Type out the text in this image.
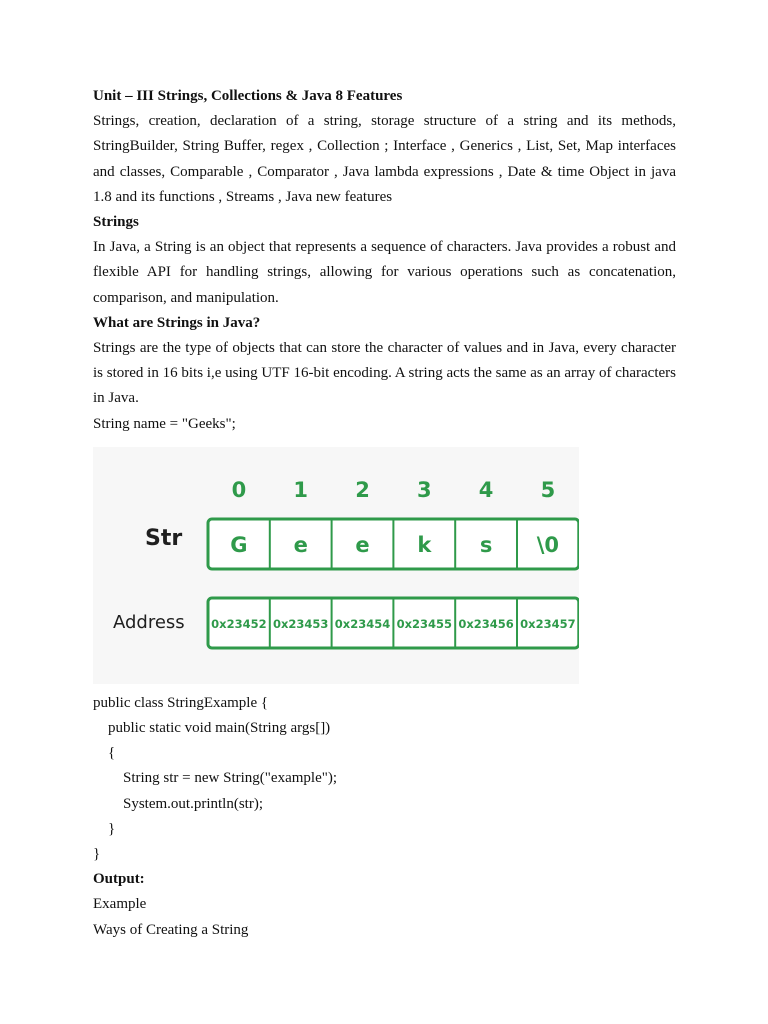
Unit – III Strings, Collections & Java 8 Features

Strings, creation, declaration of a string, storage structure of a string and its methods, StringBuilder, String Buffer, regex , Collection ; Interface , Generics , List, Set, Map interfaces and classes, Comparable , Comparator , Java lambda expressions , Date & time Object in java 1.8 and its functions , Streams , Java new features

Strings

In Java, a String is an object that represents a sequence of characters. Java provides a robust and flexible API for handling strings, allowing for various operations such as concatenation, comparison, and manipulation.

What are Strings in Java?

Strings are the type of objects that can store the character of values and in Java, every character is stored in 16 bits i,e using UTF 16-bit encoding. A string acts the same as an array of characters in Java.

String name = "Geeks";

0 1 2 3 4 5
Str G e e k s \0
Address 0x23452 0x23453 0x23454 0x23455 0x23456 0x23457

public class StringExample {

public static void main(String args[])

{

String str = new String("example");

System.out.println(str);

}

}

Output:

Example

Ways of Creating a String
